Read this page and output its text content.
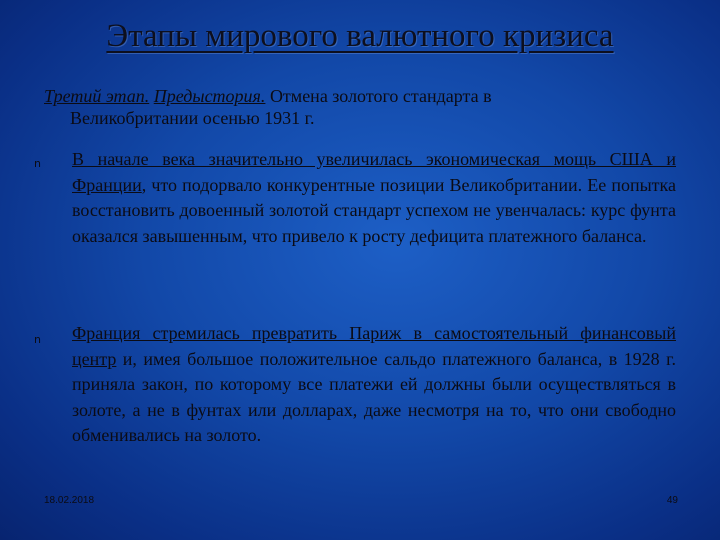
Этапы мирового валютного кризиса
Третий этап. Предыстория. Отмена золотого стандарта в
Великобритании осенью 1931 г.
n В начале века значительно увеличилась экономическая мощь США и Франции, что подорвало конкурентные позиции Великобритании. Ее попытка восстановить довоенный золотой стандарт успехом не увенчалась: курс фунта оказался завышенным, что привело к росту дефицита платежного баланса.
n Франция стремилась превратить Париж в самостоятельный финансовый центр и, имея большое положительное сальдо платежного баланса, в 1928 г. приняла закон, по которому все платежи ей должны были осуществляться в золоте, а не в фунтах или долларах, даже несмотря на то, что они свободно обменивались на золото.
18.02.2018	49
